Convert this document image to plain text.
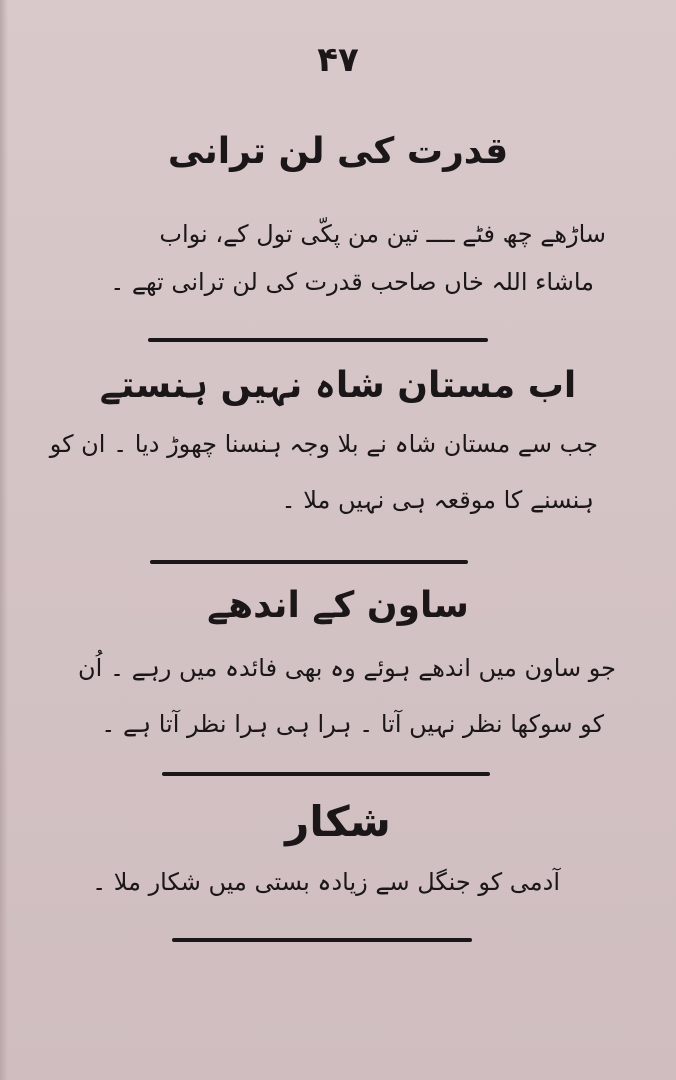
۴۷
قدرت کی لن ترانی
ساڑھے چھ فٹے ــــ تین من پکّی تول کے، نواب
ماشاء اللہ خاں صاحب قدرت کی لن ترانی تھے ۔
اب مستان شاہ نہیں ہنستے
جب سے مستان شاہ نے بلا وجہ ہنسنا چھوڑ دیا ۔ ان کو
ہنسنے کا موقعہ ہی نہیں ملا ۔
ساون کے اندھے
جو ساون میں اندھے ہوئے وہ بھی فائدہ میں رہے ۔ اُن
کو سوکھا نظر نہیں آتا ۔ ہرا ہی ہرا نظر آتا ہے ۔
شکار
آدمی کو جنگل سے زیادہ بستی میں شکار ملا ۔
